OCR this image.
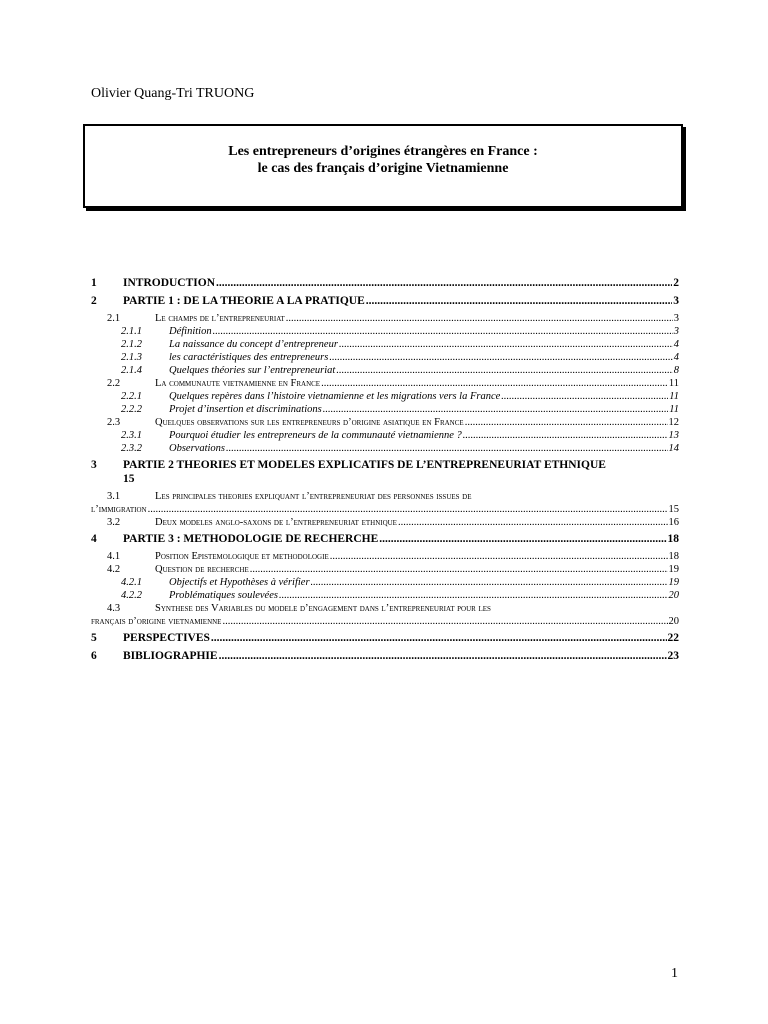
Olivier Quang-Tri TRUONG
Les entrepreneurs d’origines étrangères en France :
le cas des français d’origine Vietnamienne
1	INTRODUCTION .....	2
2	PARTIE 1 : DE LA THEORIE A LA PRATIQUE .....	3
2.1	Le champs de l’entrepreneuriat .....	3
2.1.1	Définition .....	3
2.1.2	La naissance du concept d’entrepreneur .....	4
2.1.3	les caractéristiques des entrepreneurs .....	4
2.1.4	Quelques théories sur l’entrepreneuriat .....	8
2.2	La communaute vietnamienne en France .....	11
2.2.1	Quelques repères dans l’histoire vietnamienne et les migrations vers la France .....	11
2.2.2	Projet d’insertion et discriminations .....	11
2.3	Quelques observations sur les entrepreneurs d’origine asiatique en France .....	12
2.3.1	Pourquoi étudier les entrepreneurs de la communauté vietnamienne ? .....	13
2.3.2	Observations .....	14
3	PARTIE 2 THEORIES ET MODELES EXPLICATIFS DE L’ENTREPRENEURIAT ETHNIQUE
15
3.1	Les principales theories expliquant l’entrepreneuriat des personnes issues de
l’immigration .....	15
3.2	Deux modeles anglo-saxons de l’entrepreneuriat ethnique .....	16
4	PARTIE 3 : METHODOLOGIE DE RECHERCHE .....	18
4.1	Position Epistemologique et methodologie .....	18
4.2	Question de recherche .....	19
4.2.1	Objectifs et Hypothèses à vérifier .....	19
4.2.2	Problématiques soulevées .....	20
4.3	Synthese des Variables du modele d’engagement dans l’entrepreneuriat pour les
français d’origine vietnamienne .....	20
5	PERSPECTIVES .....	22
6	BIBLIOGRAPHIE .....	23
1
